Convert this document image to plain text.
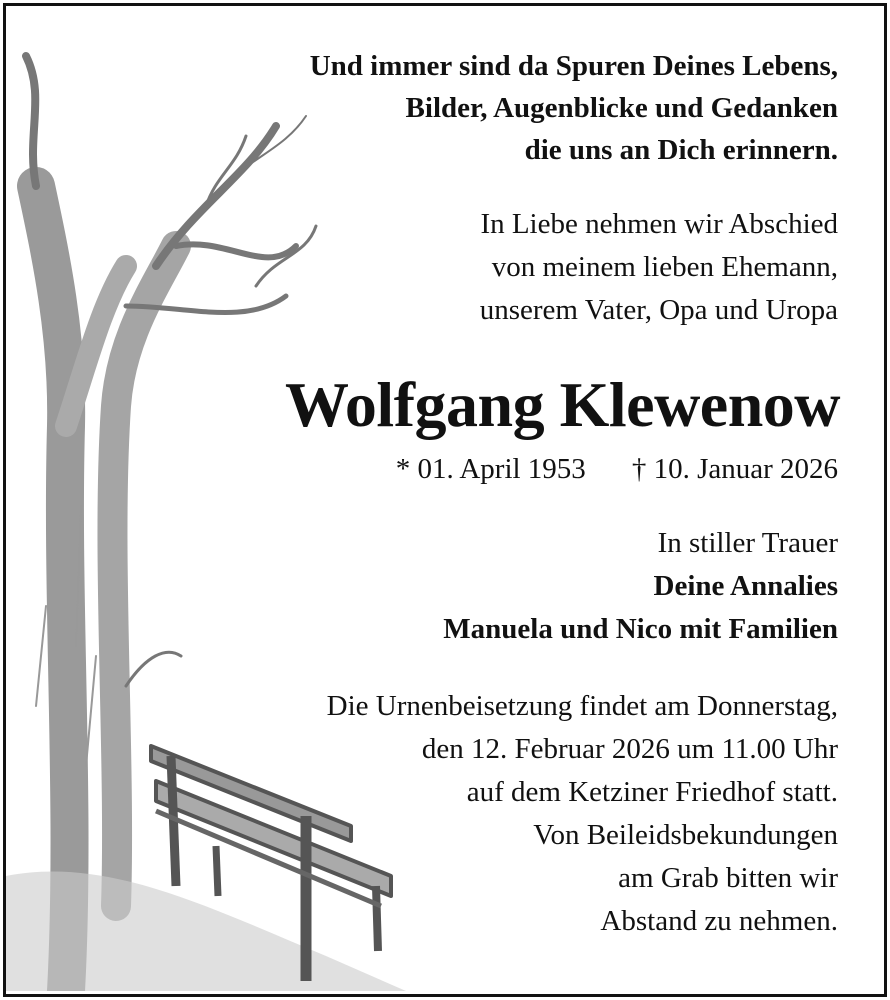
Und immer sind da Spuren Deines Lebens,
Bilder, Augenblicke und Gedanken
die uns an Dich erinnern.
In Liebe nehmen wir Abschied
von meinem lieben Ehemann,
unserem Vater, Opa und Uropa
Wolfgang Klewenow
* 01. April 1953 † 10. Januar 2026
In stiller Trauer
Deine Annalies
Manuela und Nico mit Familien
Die Urnenbeisetzung findet am Donnerstag,
den 12. Februar 2026 um 11.00 Uhr
auf dem Ketziner Friedhof statt.
Von Beileidsbekundungen
am Grab bitten wir
Abstand zu nehmen.
